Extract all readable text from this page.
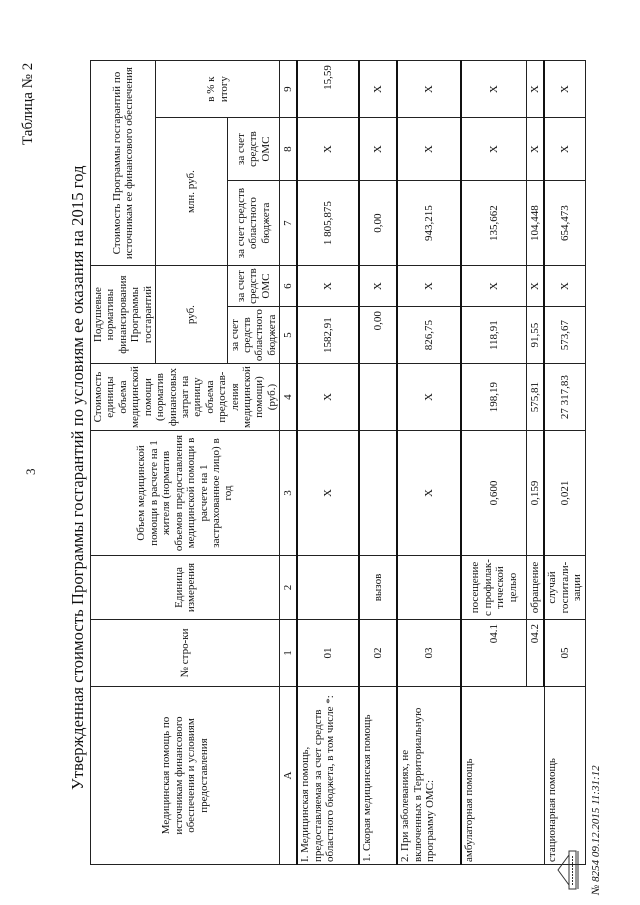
3
Таблица № 2
Утвержденная стоимость Программы госгарантий по условиям ее оказания на 2015 год	Медицинская помощь по источникам финансового обеспечения и условиям предоставления	№ стро-ки	Единица измерения	Объем медицинской помощи в расчете на 1 жителя (норматив объемов предоставления медицинской помощи в расчете на 1 застрахованное лицо) в год	Стоимость единицы объема медицинской помощи (норматив финансовых затрат на единицу объема предостав-ления медицинской помощи) (руб.)	Подушевые нормативы финансирования Программы госгарантий		Стоимость Программы госгарантий по источникам ее финансового обеспечения		
					руб.		млн. руб.		в % к итогу
					за счет средств областного бюджета	за счет средств ОМС	за счет средств областного бюджета	за счет средств ОМС	
А	1	2	3	4	5	6	7	8	9
I. Медицинская помощь, предоставляемая за счет средств областного бюджета, в том числе *:	01		X	X	1582,91	X	1 805,875	X	15,59
1. Скорая медицинская помощь	02	вызов			0,00	X	0,00	X	X
2. При заболеваниях, не включенных в Территориальную программу ОМС:	03		X	X	826,75	X	943,215	X	X
амбулаторная помощь	04.1	посещение с профилак-тической целью	0,600	198,19	118,91	X	135,662	X	X
	04.2	обращение	0,159	575,81	91,55	X	104,448	X	X
стационарная помощь	05	случай госпитали-зации	0,021	27 317,83	573,67	X	654,473	X	X
№ 8254 09.12.2015 11:31:12
